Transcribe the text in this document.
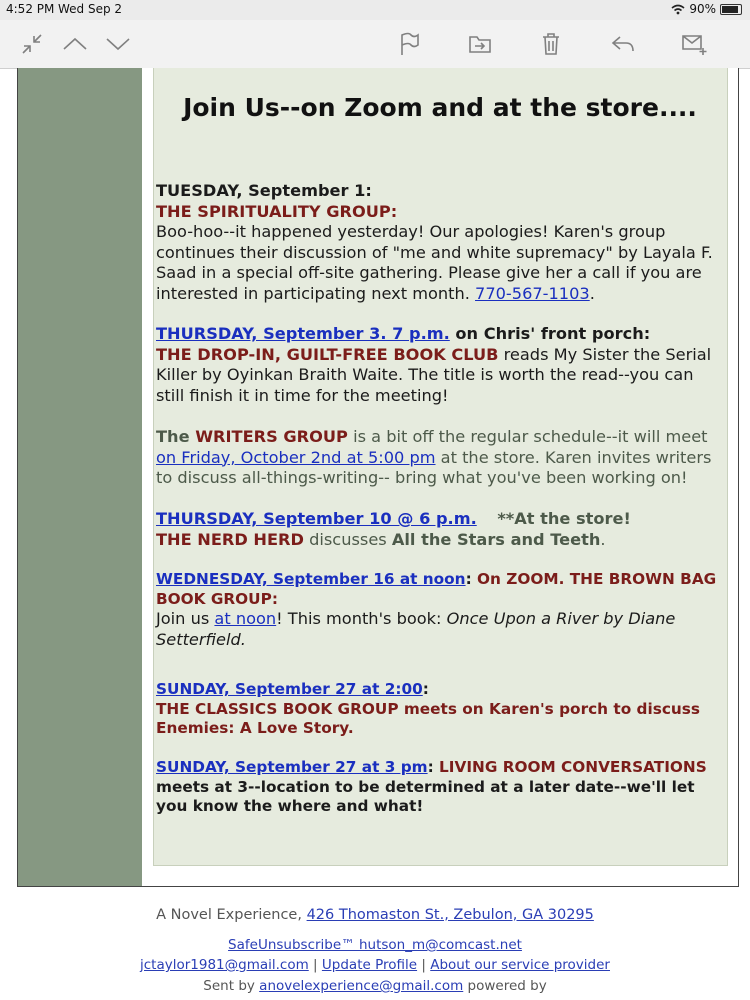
4:52 PM Wed Sep 2	90%
Join Us--on Zoom and at the store....
TUESDAY, September 1:
THE SPIRITUALITY GROUP:
Boo-hoo--it happened yesterday! Our apologies! Karen's group continues their discussion of "me and white supremacy" by Layala F. Saad in a special off-site gathering. Please give her a call if you are interested in participating next month. 770-567-1103.
THURSDAY, September 3. 7 p.m. on Chris' front porch:
THE DROP-IN, GUILT-FREE BOOK CLUB reads My Sister the Serial Killer by Oyinkan Braith Waite. The title is worth the read--you can still finish it in time for the meeting!
The WRITERS GROUP is a bit off the regular schedule--it will meet on Friday, October 2nd at 5:00 pm at the store. Karen invites writers to discuss all-things-writing-- bring what you've been working on!
THURSDAY, September 10 @ 6 p.m. **At the store!
THE NERD HERD discusses All the Stars and Teeth.
WEDNESDAY, September 16 at noon: On ZOOM. THE BROWN BAG BOOK GROUP:
Join us at noon! This month's book: Once Upon a River by Diane Setterfield.
SUNDAY, September 27 at 2:00:
THE CLASSICS BOOK GROUP meets on Karen's porch to discuss Enemies: A Love Story.
SUNDAY, September 27 at 3 pm: LIVING ROOM CONVERSATIONS meets at 3--location to be determined at a later date--we'll let you know the where and what!
A Novel Experience, 426 Thomaston St., Zebulon, GA 30295
SafeUnsubscribe™ hutson_m@comcast.net
jctaylor1981@gmail.com | Update Profile | About our service provider
Sent by anovelexperience@gmail.com powered by
